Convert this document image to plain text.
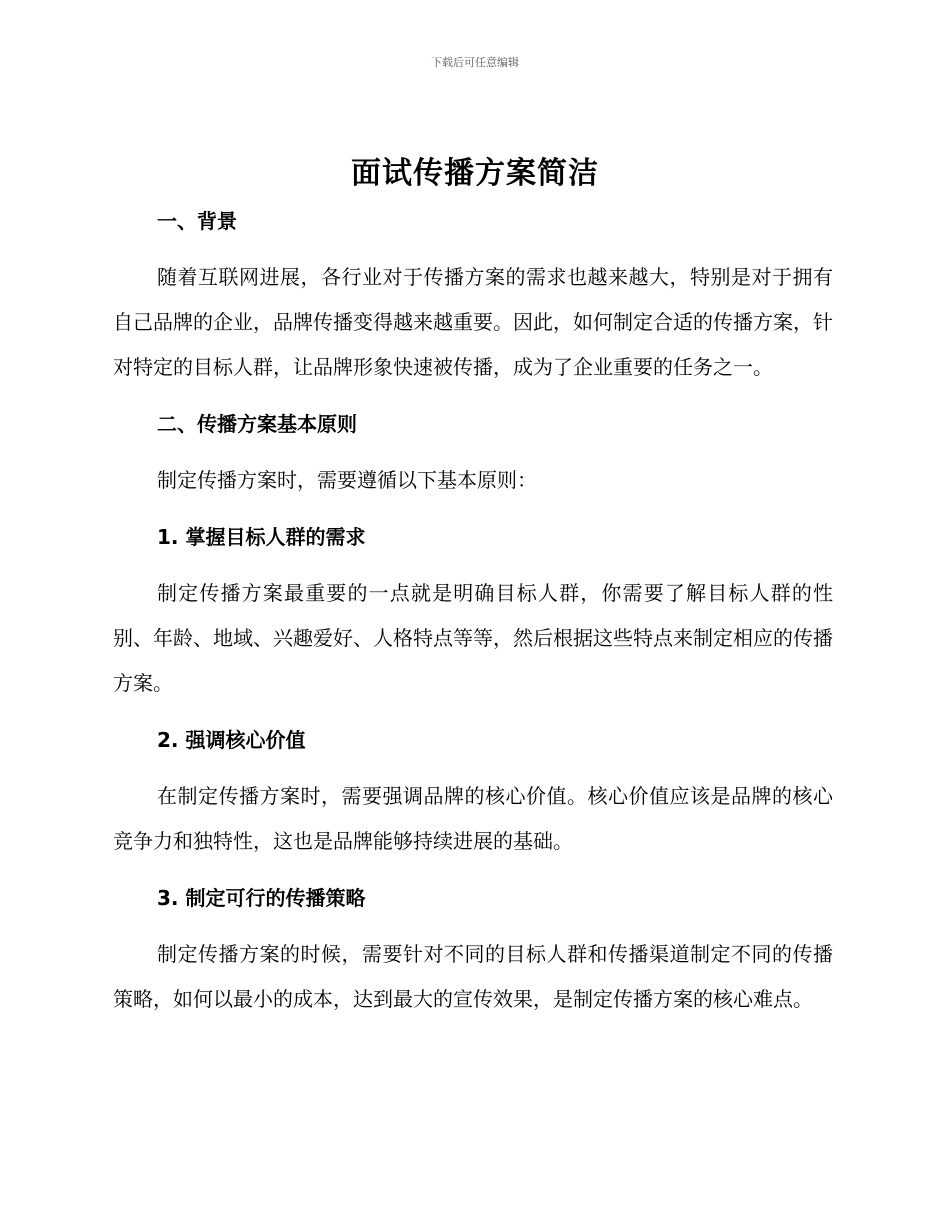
下载后可任意编辑
面试传播方案简洁
一、背景
随着互联网进展，各行业对于传播方案的需求也越来越大，特别是对于拥有自己品牌的企业，品牌传播变得越来越重要。因此，如何制定合适的传播方案，针对特定的目标人群，让品牌形象快速被传播，成为了企业重要的任务之一。
二、传播方案基本原则
制定传播方案时，需要遵循以下基本原则：
1. 掌握目标人群的需求
制定传播方案最重要的一点就是明确目标人群，你需要了解目标人群的性别、年龄、地域、兴趣爱好、人格特点等等，然后根据这些特点来制定相应的传播方案。
2. 强调核心价值
在制定传播方案时，需要强调品牌的核心价值。核心价值应该是品牌的核心竞争力和独特性，这也是品牌能够持续进展的基础。
3. 制定可行的传播策略
制定传播方案的时候，需要针对不同的目标人群和传播渠道制定不同的传播策略，如何以最小的成本，达到最大的宣传效果，是制定传播方案的核心难点。
